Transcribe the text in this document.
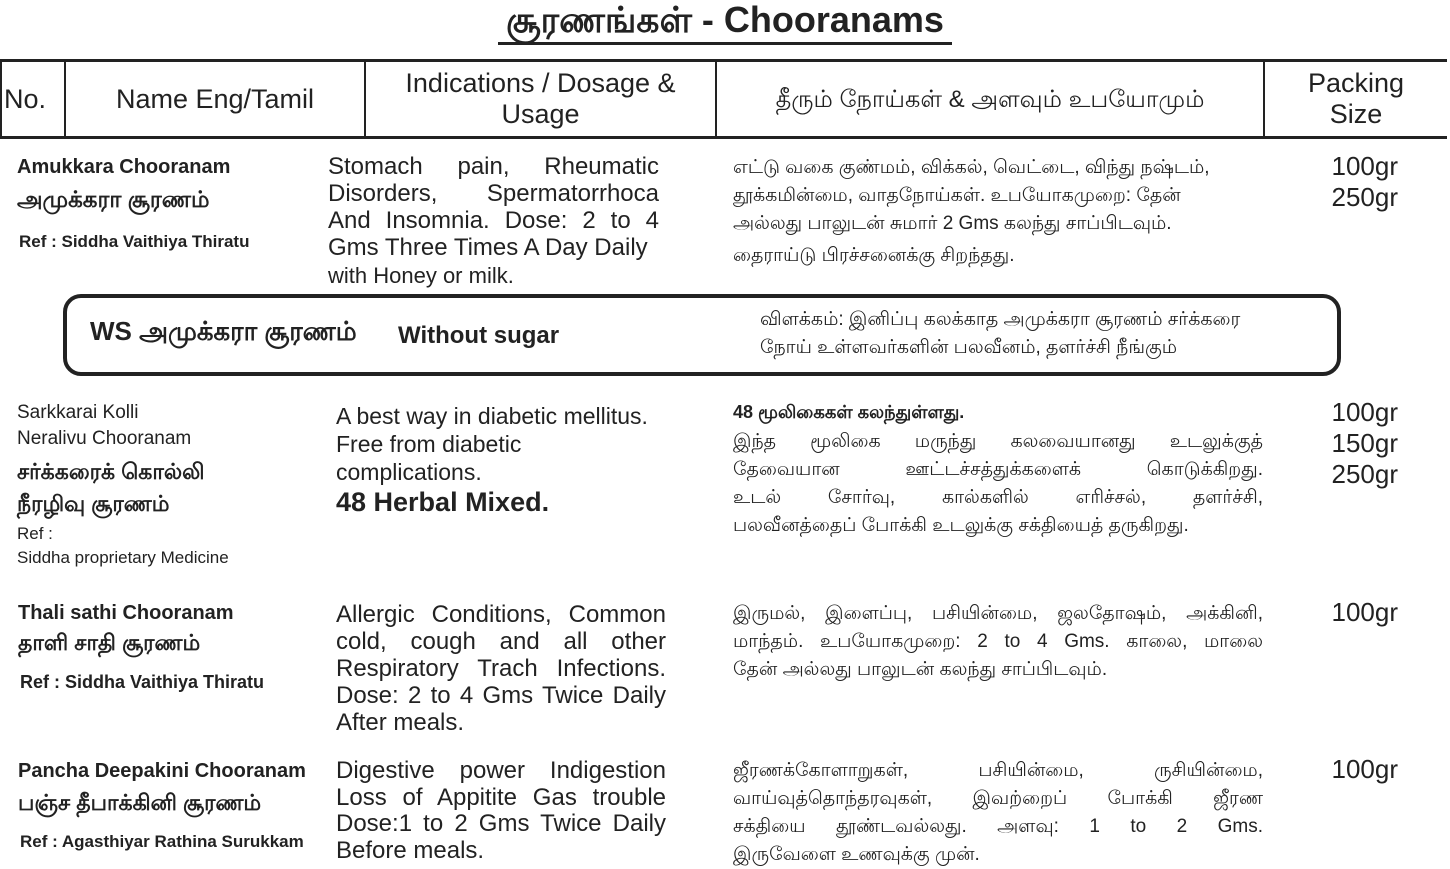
சூரணங்கள் - Chooranams
No.	Name Eng/Tamil
Indications / Dosage & Usage	தீரும் நோய்கள் & அளவும் உபயோமும்
Packing Size
Amukkara Chooranam
அமுக்கரா சூரணம்
Ref : Siddha Vaithiya Thiratu
Stomach pain, Rheumatic Disorders, Spermatorrhoca And Insomnia. Dose: 2 to 4 Gms Three Times A Day Daily
with Honey or milk.
எட்டு வகை குண்மம், விக்கல், வெட்டை, விந்து நஷ்டம்,
தூக்கமின்மை, வாதநோய்கள். உபயோகமுறை: தேன்
அல்லது பாலுடன் சுமார் 2 Gms கலந்து சாப்பிடவும்.
தைராய்டு பிரச்சனைக்கு சிறந்தது.
100gr
250gr
WS அமுக்கரா சூரணம் Without sugar
விளக்கம்: இனிப்பு கலக்காத அமுக்கரா சூரணம் சர்க்கரை
நோய் உள்ளவர்களின் பலவீனம், தளர்ச்சி நீங்கும்
Sarkkarai Kolli
Neralivu Chooranam
சர்க்கரைக் கொல்லி
நீரழிவு சூரணம்
Ref :
Siddha proprietary Medicine
A best way in diabetic mellitus.
Free from diabetic
complications.
48 Herbal Mixed.
48 மூலிகைகள் கலந்துள்ளது.
இந்த மூலிகை மருந்து கலவையானது உடலுக்குத்
தேவையான ஊட்டச்சத்துக்களைக் கொடுக்கிறது.
உடல் சோர்வு, கால்களில் எரிச்சல், தளர்ச்சி,
பலவீனத்தைப் போக்கி உடலுக்கு சக்தியைத் தருகிறது.
100gr
150gr
250gr
Thali sathi Chooranam
தாளி சாதி சூரணம்
Ref : Siddha Vaithiya Thiratu
Allergic Conditions, Common
cold, cough and all other
Respiratory Trach Infections.
Dose: 2 to 4 Gms Twice Daily
After meals.
இருமல், இளைப்பு, பசியின்மை, ஜலதோஷம், அக்கினி,
மாந்தம். உபயோகமுறை: 2 to 4 Gms. காலை, மாலை
தேன் அல்லது பாலுடன் கலந்து சாப்பிடவும்.
100gr
Pancha Deepakini Chooranam
பஞ்ச தீபாக்கினி சூரணம்
Ref : Agasthiyar Rathina Surukkam
Digestive power Indigestion
Loss of Appitite Gas trouble
Dose:1 to 2 Gms Twice Daily
Before meals.
ஜீரணக்கோளாறுகள், பசியின்மை, ருசியின்மை,
வாய்வுத்தொந்தரவுகள், இவற்றைப் போக்கி ஜீரண
சக்தியை தூண்டவல்லது. அளவு: 1 to 2 Gms.
இருவேளை உணவுக்கு முன்.
100gr
